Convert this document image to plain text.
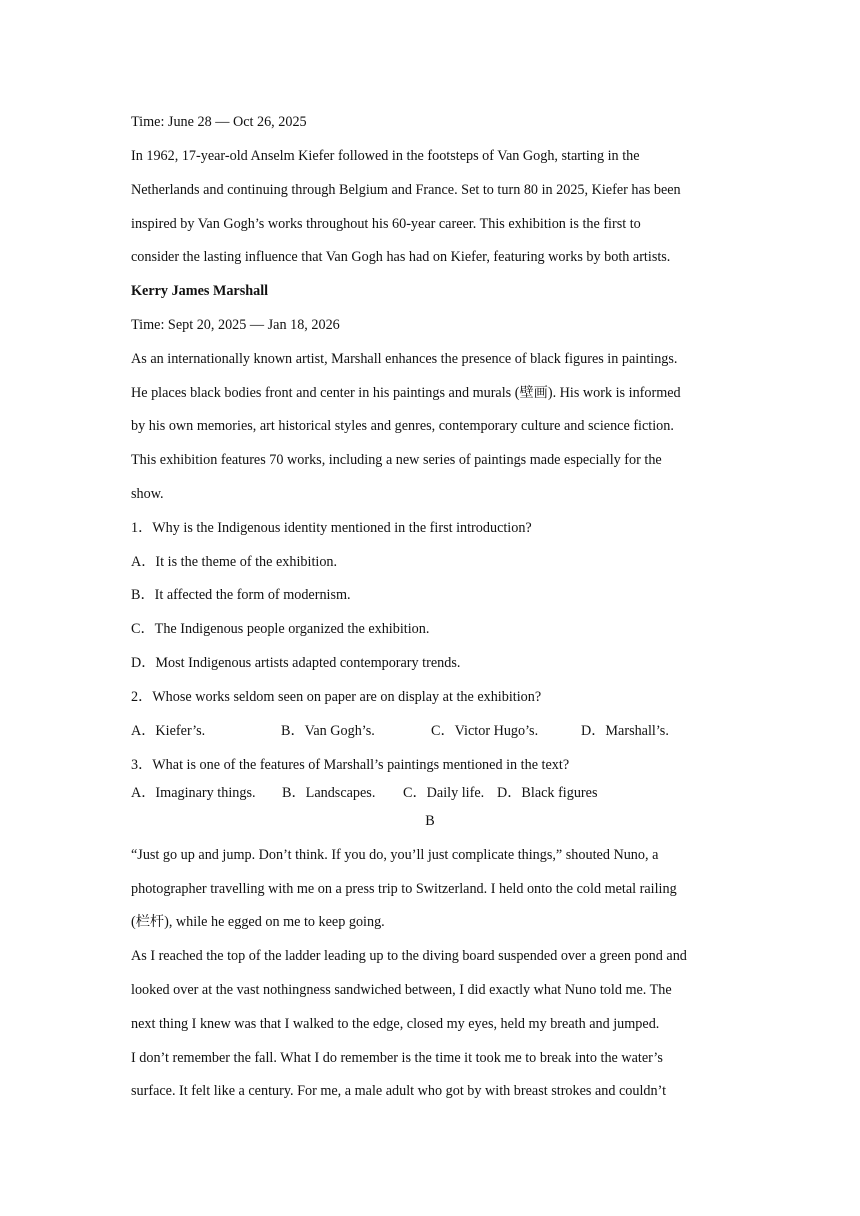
Time: June 28 — Oct 26, 2025
In 1962, 17-year-old Anselm Kiefer followed in the footsteps of Van Gogh, starting in the
Netherlands and continuing through Belgium and France. Set to turn 80 in 2025, Kiefer has been
inspired by Van Gogh’s works throughout his 60-year career. This exhibition is the first to
consider the lasting influence that Van Gogh has had on Kiefer, featuring works by both artists.
Kerry James Marshall
Time: Sept 20, 2025 — Jan 18, 2026
As an internationally known artist, Marshall enhances the presence of black figures in paintings.
He places black bodies front and center in his paintings and murals (壁画). His work is informed
by his own memories, art historical styles and genres, contemporary culture and science fiction.
This exhibition features 70 works, including a new series of paintings made especially for the
show.
1．Why is the Indigenous identity mentioned in the first introduction?
A．It is the theme of the exhibition.
B．It affected the form of modernism.
C．The Indigenous people organized the exhibition.
D．Most Indigenous artists adapted contemporary trends.
2．Whose works seldom seen on paper are on display at the exhibition?
A．Kiefer’s.	B．Van Gogh’s.	C．Victor Hugo’s.	D．Marshall’s.
3．What is one of the features of Marshall’s paintings mentioned in the text?
A．Imaginary things. B．Landscapes. C．Daily life. D．Black figures
B
“Just go up and jump. Don’t think. If you do, you’ll just complicate things,” shouted Nuno, a
photographer travelling with me on a press trip to Switzerland. I held onto the cold metal railing
(栏杆), while he egged on me to keep going.
As I reached the top of the ladder leading up to the diving board suspended over a green pond and
looked over at the vast nothingness sandwiched between, I did exactly what Nuno told me. The
next thing I knew was that I walked to the edge, closed my eyes, held my breath and jumped.
I don’t remember the fall. What I do remember is the time it took me to break into the water’s
surface. It felt like a century. For me, a male adult who got by with breast strokes and couldn’t
